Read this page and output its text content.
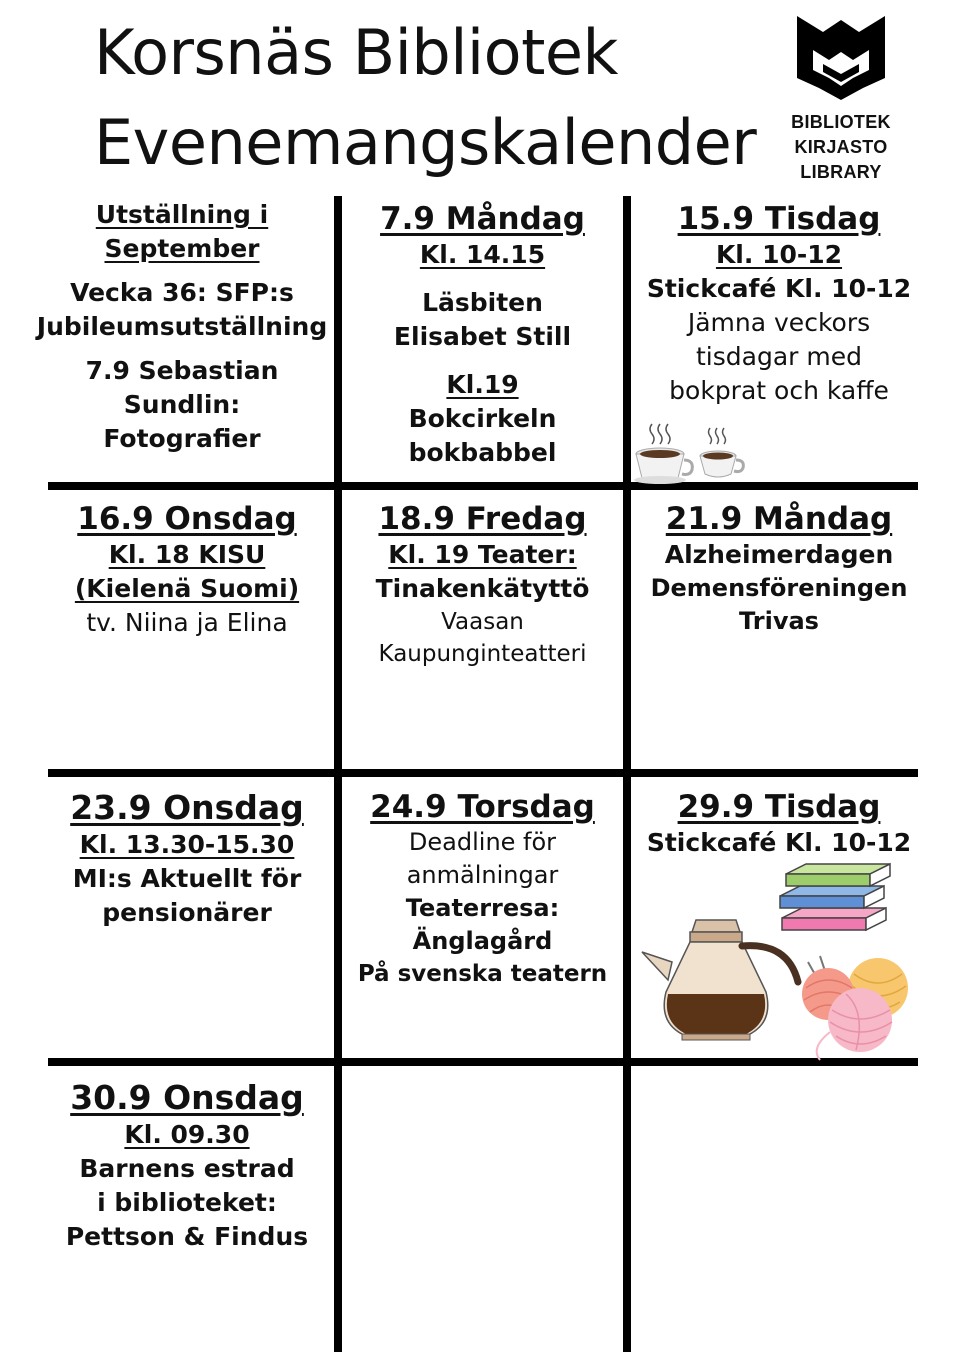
Korsnäs Bibliotek
Evenemangskalender BIBLIOTEK
KIRJASTO
LIBRARY

Utställning i

September

Vecka 36: SFP:s

Jubileumsutställning

7.9 Sebastian

Sundlin:

Fotografier

7.9 Måndag

Kl. 14.15

Läsbiten

Elisabet Still

Kl.19

Bokcirkeln

bokbabbel

15.9 Tisdag

Kl. 10-12

Stickcafé Kl. 10-12

Jämna veckors

tisdagar med

bokprat och kaffe

16.9 Onsdag

Kl. 18 KISU

(Kielenä Suomi)

tv. Niina ja Elina

18.9 Fredag

Kl. 19 Teater:

Tinakenkätyttö

Vaasan

Kaupunginteatteri

21.9 Måndag

Alzheimerdagen

Demensföreningen

Trivas

23.9 Onsdag

Kl. 13.30-15.30

MI:s Aktuellt för

pensionärer

24.9 Torsdag

Deadline för

anmälningar

Teaterresa:

Änglagård

På svenska teatern

29.9 Tisdag

Stickcafé Kl. 10-12

30.9 Onsdag

Kl. 09.30

Barnens estrad

i biblioteket:

Pettson & Findus
